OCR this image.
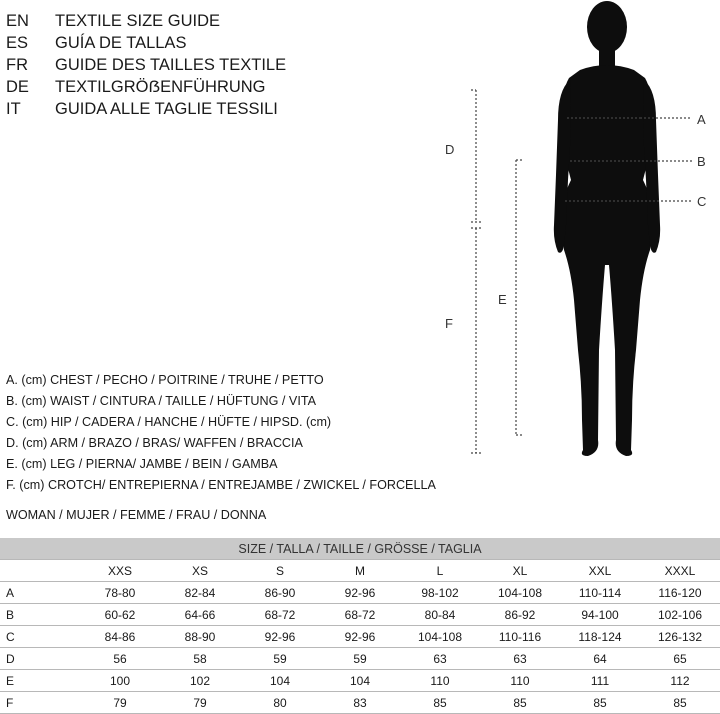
EN	TEXTILE SIZE GUIDE
ES	GUÍA DE TALLAS
FR	GUIDE DES TAILLES TEXTILE
DE	TEXTILGRÖẞENFÜHRUNG
IT	GUIDA ALLE TAGLIE TESSILI
A
B
C
D
E
F
A. (cm) CHEST / PECHO / POITRINE / TRUHE / PETTO
B. (cm) WAIST / CINTURA / TAILLE / HÜFTUNG / VITA
C. (cm) HIP / CADERA / HANCHE / HÜFTE / HIPSD. (cm)
D. (cm) ARM / BRAZO / BRAS/ WAFFEN / BRACCIA
E. (cm) LEG / PIERNA/ JAMBE / BEIN / GAMBA
F. (cm) CROTCH/ ENTREPIERNA / ENTREJAMBE / ZWICKEL / FORCELLA
WOMAN / MUJER / FEMME / FRAU / DONNA
SIZE / TALLA / TAILLE / GRÖSSE / TAGLIA								
	XXS	XS	S	M	L	XL	XXL	XXXL
A	78-80	82-84	86-90	92-96	98-102	104-108	110-114	116-120
B	60-62	64-66	68-72	68-72	80-84	86-92	94-100	102-106
C	84-86	88-90	92-96	92-96	104-108	110-116	118-124	126-132
D	56	58	59	59	63	63	64	65
E	100	102	104	104	110	110	111	112
F	79	79	80	83	85	85	85	85
